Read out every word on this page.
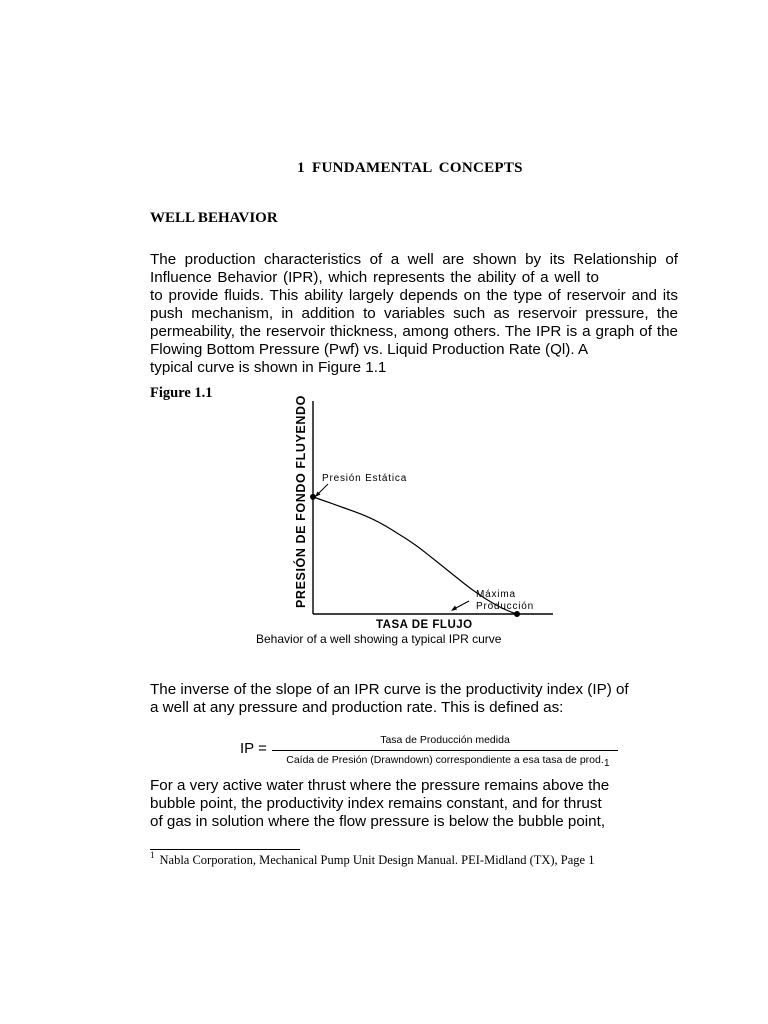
1 FUNDAMENTAL CONCEPTS
WELL BEHAVIOR
The production characteristics of a well are shown by its Relationship of
Influence Behavior (IPR), which represents the ability of a well to
to provide fluids. This ability largely depends on the type of reservoir and its
push mechanism, in addition to variables such as reservoir pressure, the
permeability, the reservoir thickness, among others. The IPR is a graph of the
Flowing Bottom Pressure (Pwf) vs. Liquid Production Rate (Ql). A
typical curve is shown in Figure 1.1
Figure 1.1
PRESIÓN DE FONDO FLUYENDO
TASA DE FLUJO
Presión Estática
Máxima
Producción
Behavior of a well showing a typical IPR curve
The inverse of the slope of an IPR curve is the productivity index (IP) of
a well at any pressure and production rate. This is defined as:
IP =	Tasa de Producción medida
Caída de Presión (Drawndown) correspondiente a esa tasa de prod. 1
For a very active water thrust where the pressure remains above the
bubble point, the productivity index remains constant, and for thrust
of gas in solution where the flow pressure is below the bubble point,
$^1$ Nabla Corporation, Mechanical Pump Unit Design Manual. PEI-Midland (TX), Page 1
